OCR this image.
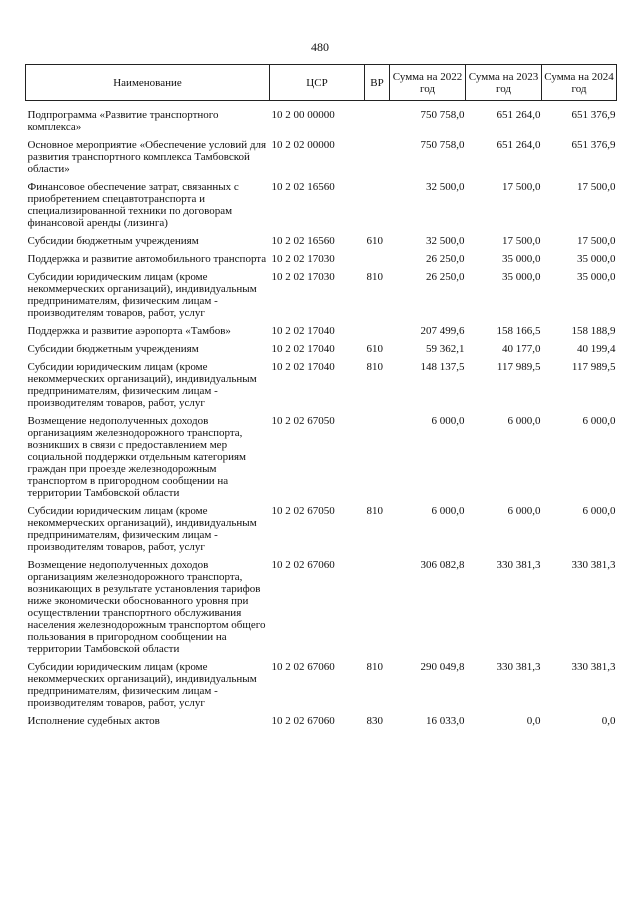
480
Наименование	ЦСР	ВР	Сумма на 2022 год	Сумма на 2023 год	Сумма на 2024 год
Подпрограмма «Развитие транспортного комплекса»	10 2 00 00000		750 758,0	651 264,0	651 376,9
Основное мероприятие «Обеспечение условий для развития транспортного комплекса Тамбовской области»	10 2 02 00000		750 758,0	651 264,0	651 376,9
Финансовое обеспечение затрат, связанных с приобретением спецавтотранспорта и специализированной техники по договорам финансовой аренды (лизинга)	10 2 02 16560		32 500,0	17 500,0	17 500,0
Субсидии бюджетным учреждениям	10 2 02 16560	610	32 500,0	17 500,0	17 500,0
Поддержка и развитие автомобильного транспорта	10 2 02 17030		26 250,0	35 000,0	35 000,0
Субсидии юридическим лицам (кроме некоммерческих организаций), индивидуальным предпринимателям, физическим лицам - производителям товаров, работ, услуг	10 2 02 17030	810	26 250,0	35 000,0	35 000,0
Поддержка и развитие аэропорта «Тамбов»	10 2 02 17040		207 499,6	158 166,5	158 188,9
Субсидии бюджетным учреждениям	10 2 02 17040	610	59 362,1	40 177,0	40 199,4
Субсидии юридическим лицам (кроме некоммерческих организаций), индивидуальным предпринимателям, физическим лицам - производителям товаров, работ, услуг	10 2 02 17040	810	148 137,5	117 989,5	117 989,5
Возмещение недополученных доходов организациям железнодорожного транспорта, возникших в связи с предоставлением мер социальной поддержки отдельным категориям граждан при проезде железнодорожным транспортом в пригородном сообщении на территории Тамбовской области	10 2 02 67050		6 000,0	6 000,0	6 000,0
Субсидии юридическим лицам (кроме некоммерческих организаций), индивидуальным предпринимателям, физическим лицам - производителям товаров, работ, услуг	10 2 02 67050	810	6 000,0	6 000,0	6 000,0
Возмещение недополученных доходов организациям железнодорожного транспорта, возникающих в результате установления тарифов ниже экономически обоснованного уровня при осуществлении транспортного обслуживания населения железнодорожным транспортом общего пользования в пригородном сообщении на территории Тамбовской области	10 2 02 67060		306 082,8	330 381,3	330 381,3
Субсидии юридическим лицам (кроме некоммерческих организаций), индивидуальным предпринимателям, физическим лицам - производителям товаров, работ, услуг	10 2 02 67060	810	290 049,8	330 381,3	330 381,3
Исполнение судебных актов	10 2 02 67060	830	16 033,0	0,0	0,0
